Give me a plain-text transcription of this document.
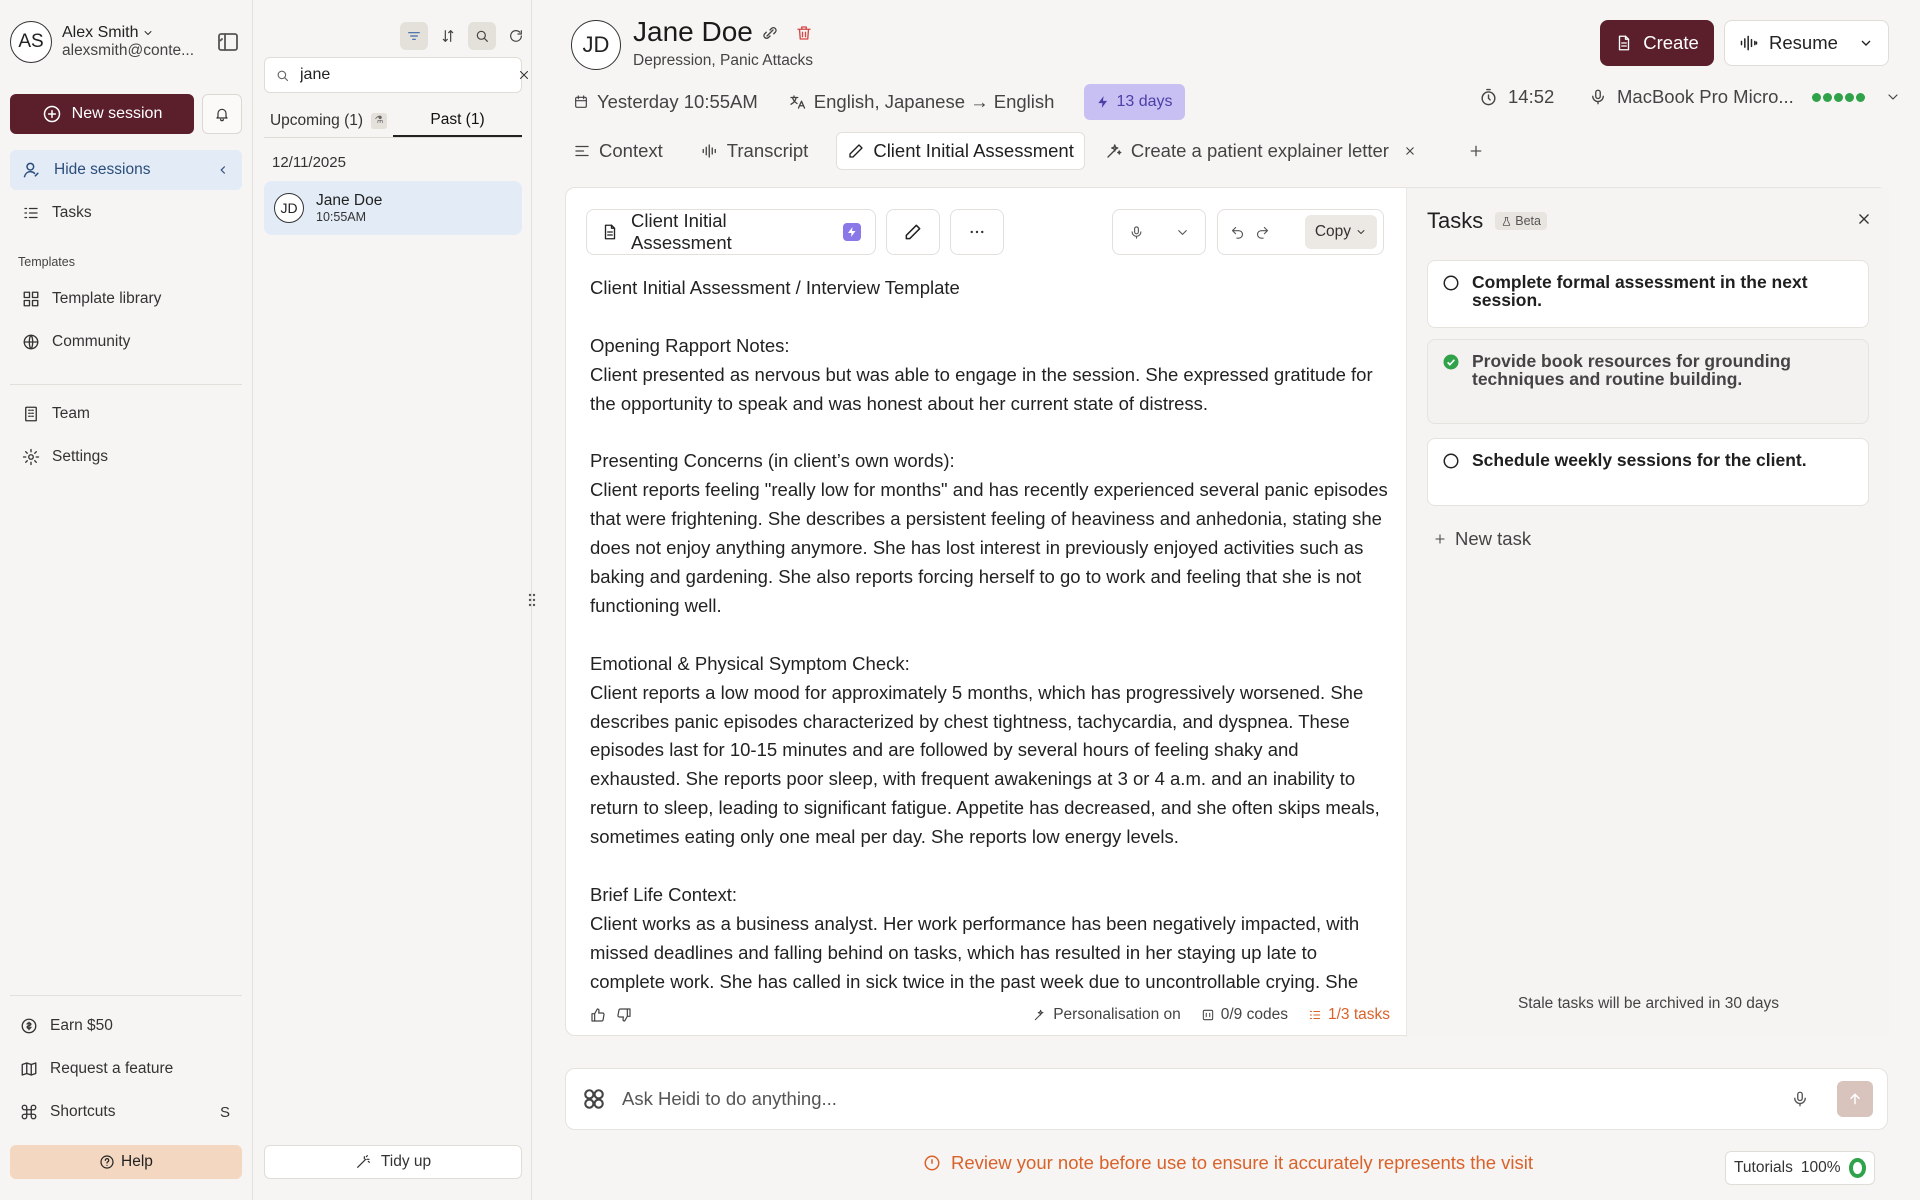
AS	Alex Smith
alexsmith@conte...
New session
Hide sessions
Tasks
Templates
Template library
Community
Team
Settings
Earn $50
Request a feature
Shortcuts	S
Help
jane
Upcoming (1)	⚗	Past (1)
12/11/2025
JD	Jane Doe
10:55AM
Tidy up
JD Jane Doe
Depression, Panic Attacks
Yesterday 10:55AM	English, Japanese → English	13 days	14:52	MacBook Pro Micro...
Create	Resume
Context	Transcript	Client Initial Assessment	Create a patient explainer letter
Client Initial Assessment
Copy
Client Initial Assessment / Interview Template
Opening Rapport Notes:
Client presented as nervous but was able to engage in the session. She expressed gratitude for the opportunity to speak and was honest about her current state of distress.
Presenting Concerns (in client’s own words):
Client reports feeling "really low for months" and has recently experienced several panic episodes that were frightening. She describes a persistent feeling of heaviness and anhedonia, stating she does not enjoy anything anymore. She has lost interest in previously enjoyed activities such as baking and gardening. She also reports forcing herself to go to work and feeling that she is not functioning well.
Emotional & Physical Symptom Check:
Client reports a low mood for approximately 5 months, which has progressively worsened. She describes panic episodes characterized by chest tightness, tachycardia, and dyspnea. These episodes last for 10-15 minutes and are followed by several hours of feeling shaky and exhausted. She reports poor sleep, with frequent awakenings at 3 or 4 a.m. and an inability to return to sleep, leading to significant fatigue. Appetite has decreased, and she often skips meals, sometimes eating only one meal per day. She reports low energy levels.
Brief Life Context:
Client works as a business analyst. Her work performance has been negatively impacted, with missed deadlines and falling behind on tasks, which has resulted in her staying up late to complete work. She has called in sick twice in the past week due to uncontrollable crying. She
Personalisation on	0/9 codes	1/3 tasks
Tasks	Beta
Complete formal assessment in the next session.
Provide book resources for grounding techniques and routine building.
Schedule weekly sessions for the client.
New task
Stale tasks will be archived in 30 days
Ask Heidi to do anything...
Review your note before use to ensure it accurately represents the visit	Tutorials 100%
